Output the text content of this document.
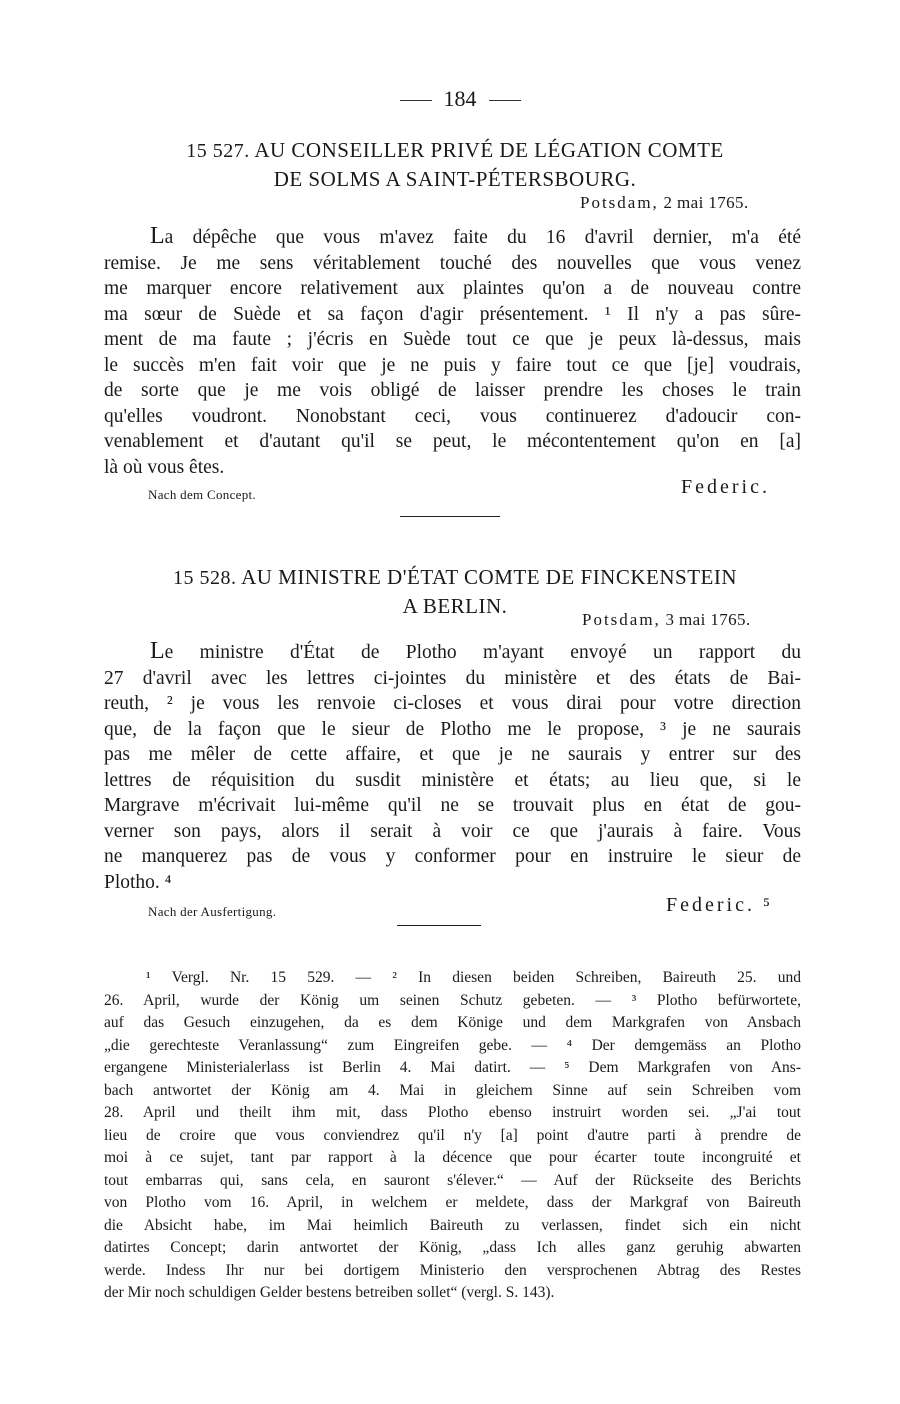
184
15 527. AU CONSEILLER PRIVÉ DE LÉGATION COMTE
DE SOLMS A SAINT-PÉTERSBOURG.
Potsdam, 2 mai 1765.
La dépêche que vous m'avez faite du 16 d'avril dernier, m'a été
remise. Je me sens véritablement touché des nouvelles que vous venez
me marquer encore relativement aux plaintes qu'on a de nouveau contre
ma sœur de Suède et sa façon d'agir présentement. ¹ Il n'y a pas sûre-
ment de ma faute ; j'écris en Suède tout ce que je peux là-dessus, mais
le succès m'en fait voir que je ne puis y faire tout ce que [je] voudrais,
de sorte que je me vois obligé de laisser prendre les choses le train
qu'elles voudront. Nonobstant ceci, vous continuerez d'adoucir con-
venablement et d'autant qu'il se peut, le mécontentement qu'on en [a]
là où vous êtes.
Nach dem Concept.	Federic.
15 528. AU MINISTRE D'ÉTAT COMTE DE FINCKENSTEIN
A BERLIN.
Potsdam, 3 mai 1765.
Le ministre d'État de Plotho m'ayant envoyé un rapport du
27 d'avril avec les lettres ci-jointes du ministère et des états de Bai-
reuth, ² je vous les renvoie ci-closes et vous dirai pour votre direction
que, de la façon que le sieur de Plotho me le propose, ³ je ne saurais
pas me mêler de cette affaire, et que je ne saurais y entrer sur des
lettres de réquisition du susdit ministère et états; au lieu que, si le
Margrave m'écrivait lui-même qu'il ne se trouvait plus en état de gou-
verner son pays, alors il serait à voir ce que j'aurais à faire. Vous
ne manquerez pas de vous y conformer pour en instruire le sieur de
Plotho. ⁴
Nach der Ausfertigung.	Federic. ⁵
¹ Vergl. Nr. 15 529. — ² In diesen beiden Schreiben, Baireuth 25. und
26. April, wurde der König um seinen Schutz gebeten. — ³ Plotho befürwortete,
auf das Gesuch einzugehen, da es dem Könige und dem Markgrafen von Ansbach
„die gerechteste Veranlassung“ zum Eingreifen gebe. — ⁴ Der demgemäss an Plotho
ergangene Ministerialerlass ist Berlin 4. Mai datirt. — ⁵ Dem Markgrafen von Ans-
bach antwortet der König am 4. Mai in gleichem Sinne auf sein Schreiben vom
28. April und theilt ihm mit, dass Plotho ebenso instruirt worden sei. „J'ai tout
lieu de croire que vous conviendrez qu'il n'y [a] point d'autre parti à prendre de
moi à ce sujet, tant par rapport à la décence que pour écarter toute incongruité et
tout embarras qui, sans cela, en sauront s'élever.“ — Auf der Rückseite des Berichts
von Plotho vom 16. April, in welchem er meldete, dass der Markgraf von Baireuth
die Absicht habe, im Mai heimlich Baireuth zu verlassen, findet sich ein nicht
datirtes Concept; darin antwortet der König, „dass Ich alles ganz geruhig abwarten
werde. Indess Ihr nur bei dortigem Ministerio den versprochenen Abtrag des Restes
der Mir noch schuldigen Gelder bestens betreiben sollet“ (vergl. S. 143).
